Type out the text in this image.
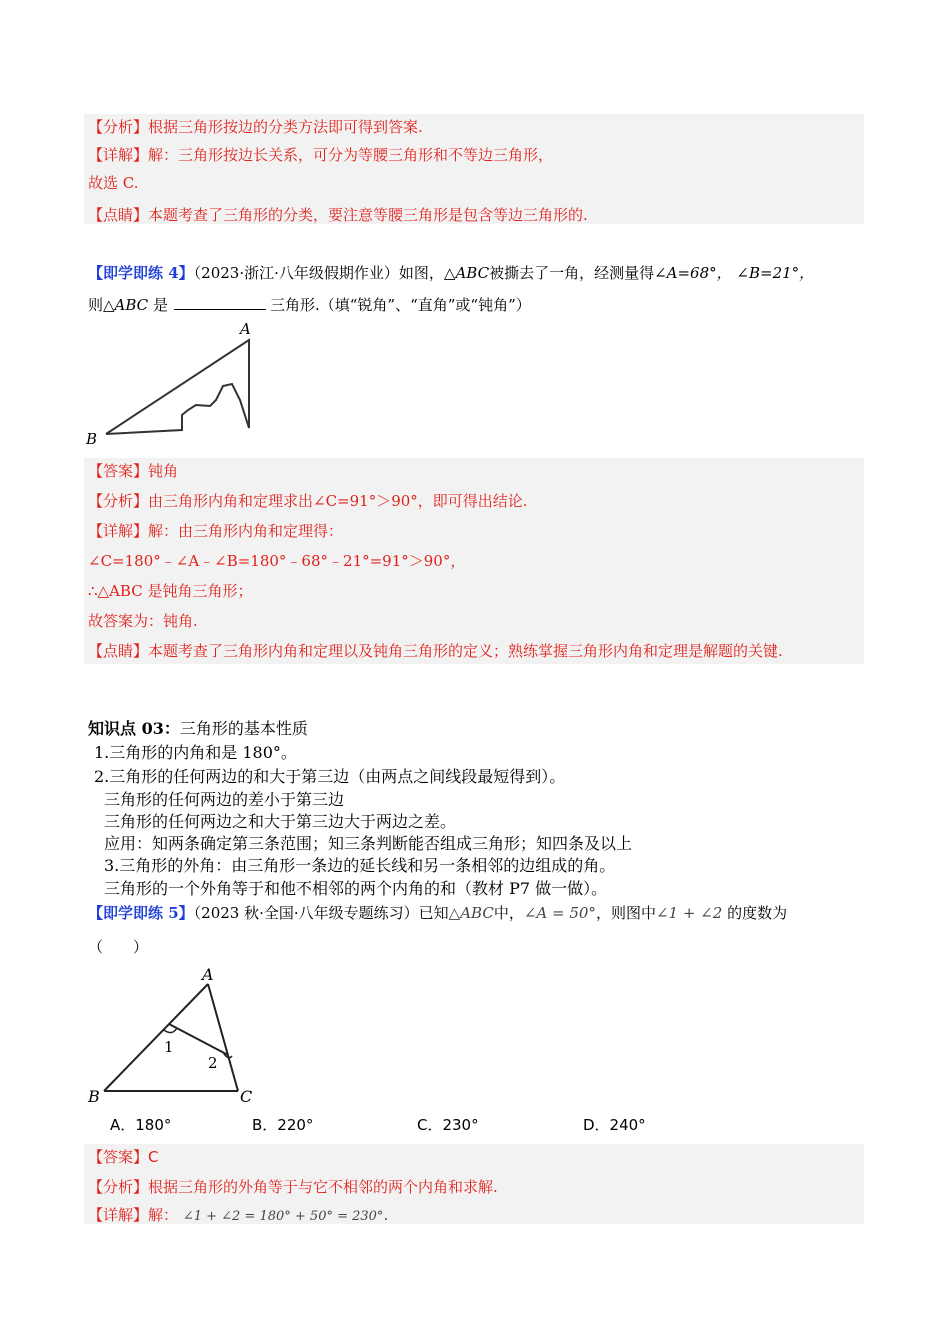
【分析】根据三角形按边的分类方法即可得到答案.
【详解】解：三角形按边长关系，可分为等腰三角形和不等边三角形，
故选 C.
【点睛】本题考查了三角形的分类，要注意等腰三角形是包含等边三角形的.
【即学即练 4】（2023·浙江·八年级假期作业）如图，△ABC被撕去了一角，经测量得∠A=68°， ∠B=21°，
则△ABC 是	三角形.（填“锐角”、“直角”或“钝角”）
A
B
【答案】钝角
【分析】由三角形内角和定理求出∠C=91°＞90°，即可得出结论.
【详解】解：由三角形内角和定理得：
∠C=180°﹣∠A﹣∠B=180°﹣68°﹣21°=91°＞90°，
∴△ABC 是钝角三角形；
故答案为：钝角.
【点睛】本题考查了三角形内角和定理以及钝角三角形的定义；熟练掌握三角形内角和定理是解题的关键.
知识点 03：三角形的基本性质
1.三角形的内角和是 180°。
2.三角形的任何两边的和大于第三边（由两点之间线段最短得到）。
三角形的任何两边的差小于第三边
三角形的任何两边之和大于第三边大于两边之差。
应用：知两条确定第三条范围；知三条判断能否组成三角形；知四条及以上
3.三角形的外角：由三角形一条边的延长线和另一条相邻的边组成的角。
三角形的一个外角等于和他不相邻的两个内角的和（教材 P7 做一做）。
【即学即练 5】（2023 秋·全国·八年级专题练习）已知△ABC中，∠A = 50°，则图中∠1 + ∠2 的度数为
（　　）
A
B	C
1
2
A．180°	B．220°	C．230°	D．240°
【答案】C
【分析】根据三角形的外角等于与它不相邻的两个内角和求解.
【详解】解： ∠1 + ∠2 = 180° + 50° = 230°.
